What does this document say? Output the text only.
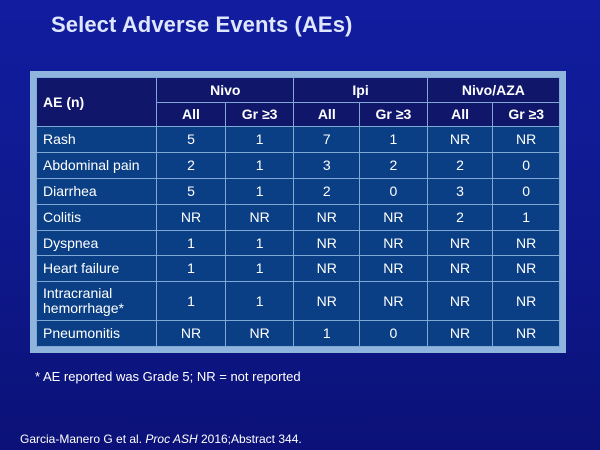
Select Adverse Events (AEs)
AE (n)	Nivo		Ipi		Nivo/AZA	
	All	Gr ≥3	All	Gr ≥3	All	Gr ≥3
Rash	5	1	7	1	NR	NR
Abdominal pain	2	1	3	2	2	0
Diarrhea	5	1	2	0	3	0
Colitis	NR	NR	NR	NR	2	1
Dyspnea	1	1	NR	NR	NR	NR
Heart failure	1	1	NR	NR	NR	NR
Intracranial hemorrhage*	1	1	NR	NR	NR	NR
Pneumonitis	NR	NR	1	0	NR	NR
* AE reported was Grade 5; NR = not reported
Garcia-Manero G et al. Proc ASH 2016;Abstract 344.
